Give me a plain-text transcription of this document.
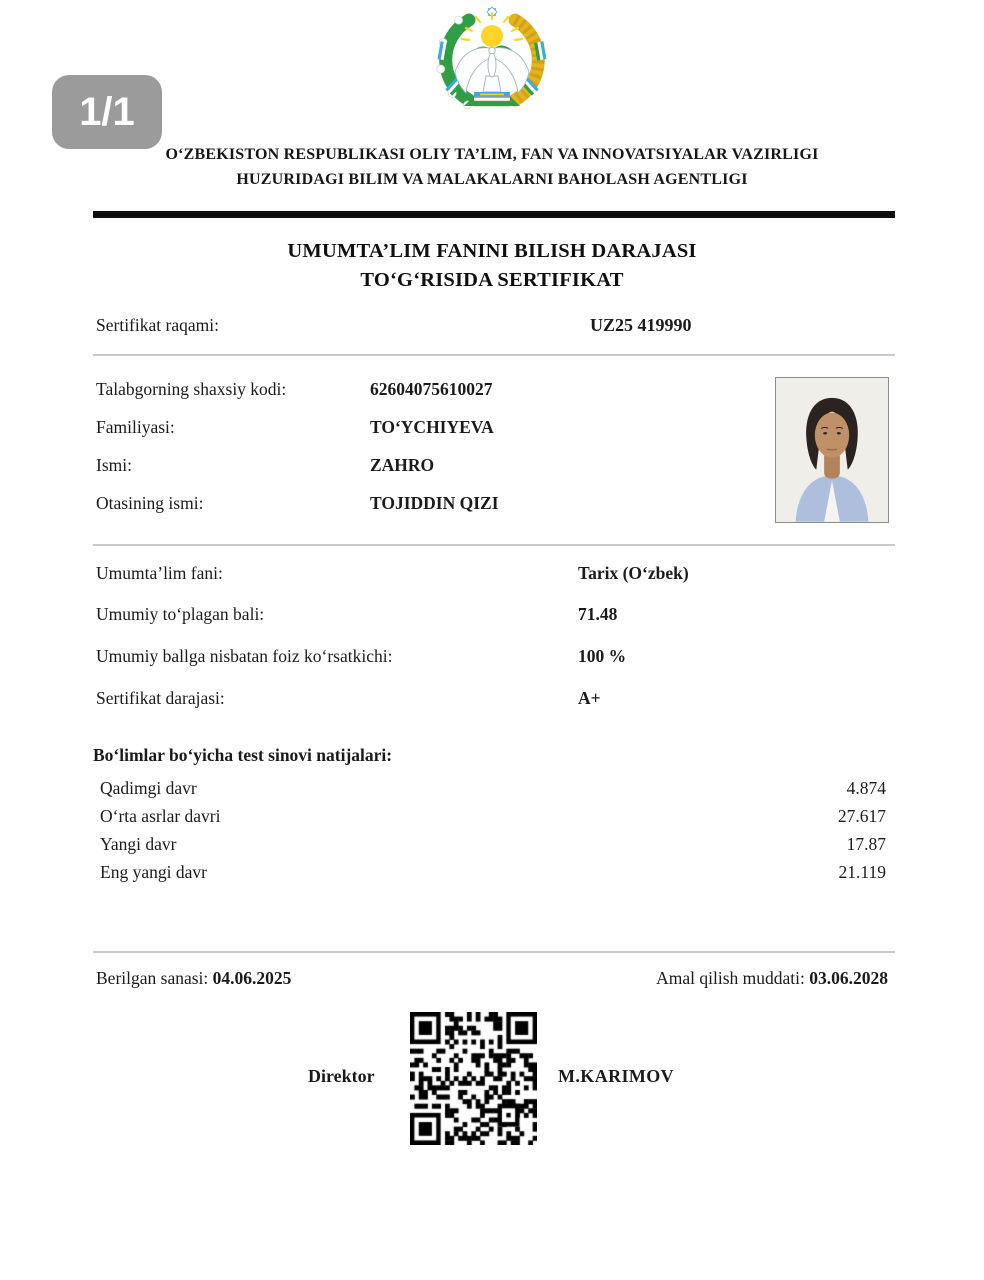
1/1
O‘ZBEKISTON RESPUBLIKASI OLIY TA’LIM, FAN VA INNOVATSIYALAR VAZIRLIGI
HUZURIDAGI BILIM VA MALAKALARNI BAHOLASH AGENTLIGI
UMUMTA’LIM FANINI BILISH DARAJASI
TO‘G‘RISIDA SERTIFIKAT
Sertifikat raqami:	UZ25 419990
Talabgorning shaxsiy kodi:	62604075610027
Familiyasi:	TO‘YCHIYEVA
Ismi:	ZAHRO
Otasining ismi:	TOJIDDIN QIZI
Umumta’lim fani:	Tarix (O‘zbek)
Umumiy to‘plagan bali:	71.48
Umumiy ballga nisbatan foiz ko‘rsatkichi:	100 %
Sertifikat darajasi:	A+
Bo‘limlar bo‘yicha test sinovi natijalari:
Qadimgi davr	4.874
O‘rta asrlar davri	27.617
Yangi davr	17.87
Eng yangi davr	21.119
Berilgan sanasi: 04.06.2025	Amal qilish muddati: 03.06.2028
Direktor	M.KARIMOV
